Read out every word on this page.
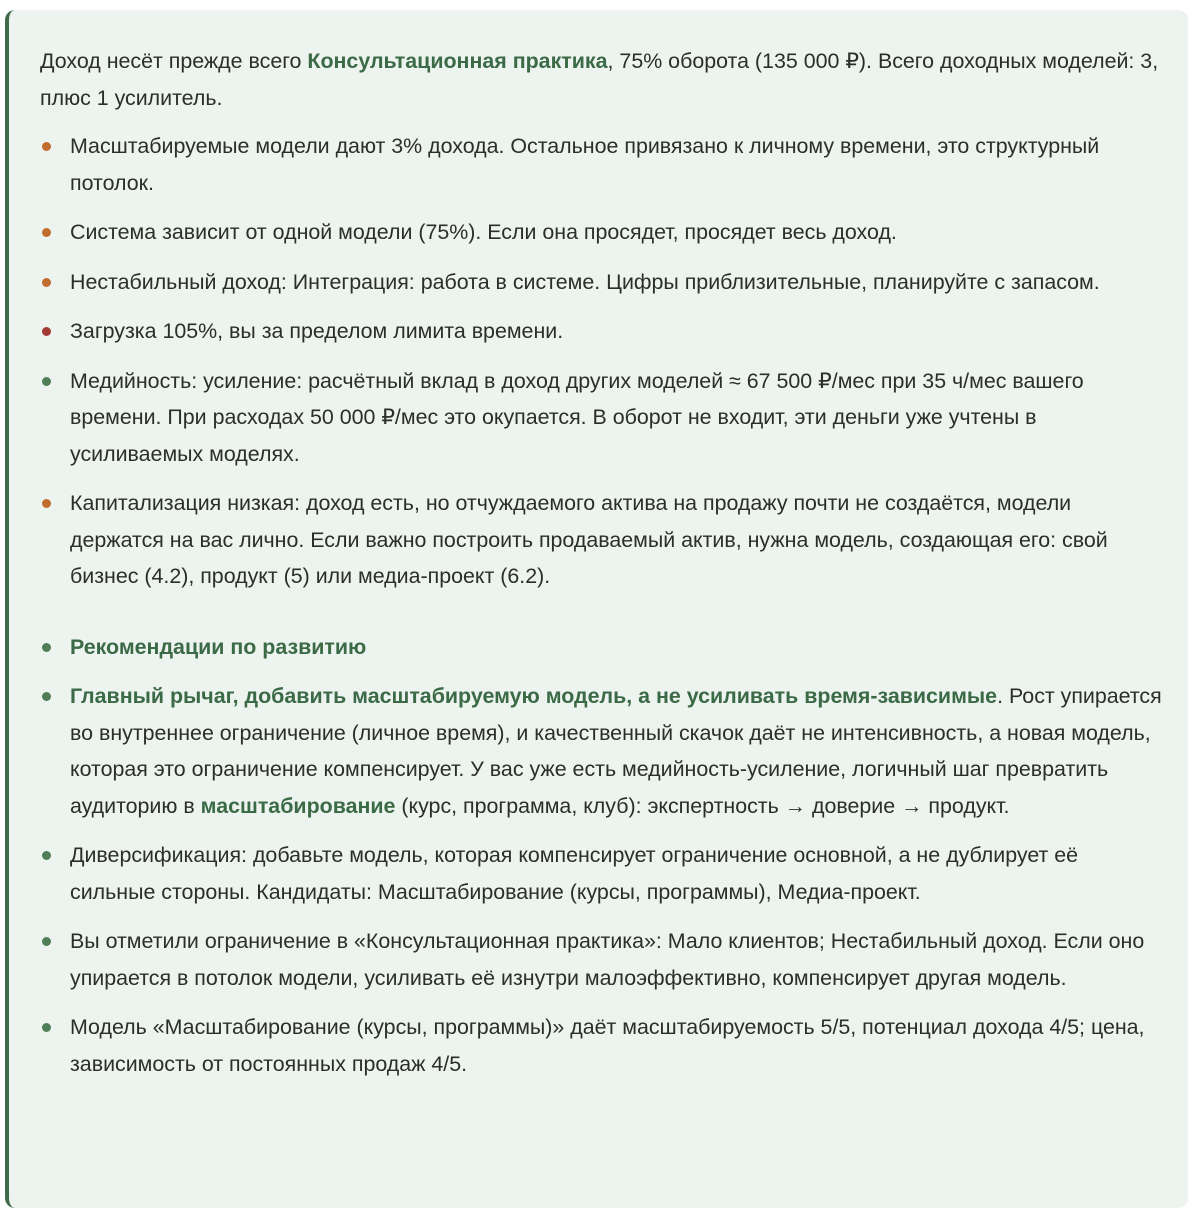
Доход несёт прежде всего Консультационная практика, 75% оборота (135 000 ₽). Всего доходных моделей: 3, плюс 1 усилитель.

Масштабируемые модели дают 3% дохода. Остальное привязано к личному времени, это структурный потолок.
Система зависит от одной модели (75%). Если она просядет, просядет весь доход.
Нестабильный доход: Интеграция: работа в системе. Цифры приблизительные, планируйте с запасом.
Загрузка 105%, вы за пределом лимита времени.
Медийность: усиление: расчётный вклад в доход других моделей ≈ 67 500 ₽/мес при 35 ч/мес вашего времени. При расходах 50 000 ₽/мес это окупается. В оборот не входит, эти деньги уже учтены в усиливаемых моделях.
Капитализация низкая: доход есть, но отчуждаемого актива на продажу почти не создаётся, модели держатся на вас лично. Если важно построить продаваемый актив, нужна модель, создающая его: свой бизнес (4.2), продукт (5) или медиа-проект (6.2).
Рекомендации по развитию
Главный рычаг, добавить масштабируемую модель, а не усиливать время-зависимые. Рост упирается во внутреннее ограничение (личное время), и качественный скачок даёт не интенсивность, а новая модель, которая это ограничение компенсирует. У вас уже есть медийность-усиление, логичный шаг превратить аудиторию в масштабирование (курс, программа, клуб): экспертность → доверие → продукт.
Диверсификация: добавьте модель, которая компенсирует ограничение основной, а не дублирует её сильные стороны. Кандидаты: Масштабирование (курсы, программы), Медиа-проект.
Вы отметили ограничение в «Консультационная практика»: Мало клиентов; Нестабильный доход. Если оно упирается в потолок модели, усиливать её изнутри малоэффективно, компенсирует другая модель.
Модель «Масштабирование (курсы, программы)» даёт масштабируемость 5/5, потенциал дохода 4/5; цена, зависимость от постоянных продаж 4/5.
